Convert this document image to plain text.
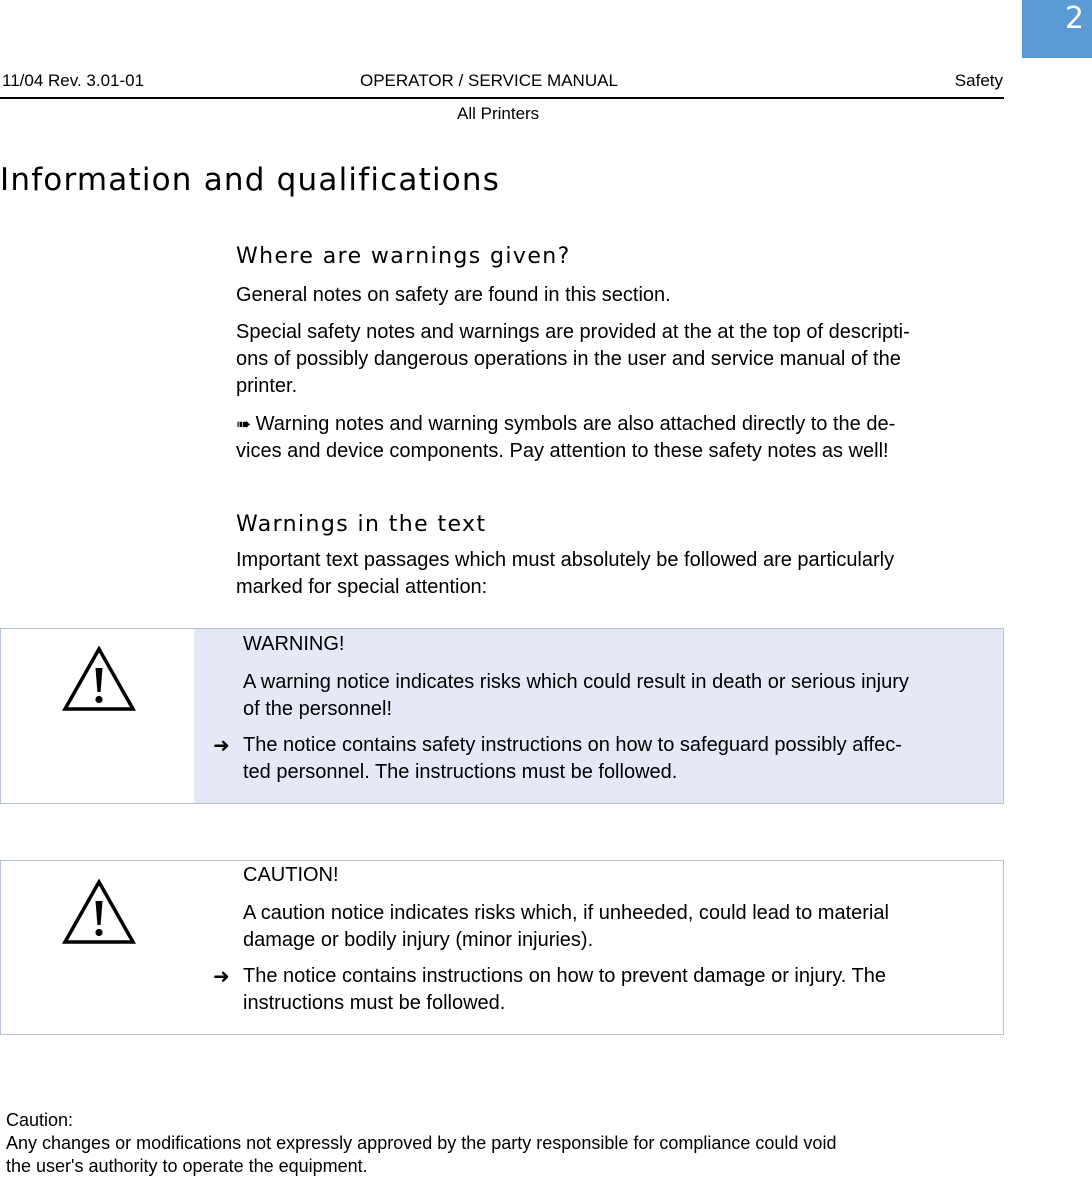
2
11/04 Rev. 3.01-01	OPERATOR / SERVICE MANUAL	Safety
All Printers
Information and qualifications
Where are warnings given?

General notes on safety are found in this section.

Special safety notes and warnings are provided at the at the top of descripti-
ons of possibly dangerous operations in the user and service manual of the
printer.

➠ Warning notes and warning symbols are also attached directly to the de-
vices and device components. Pay attention to these safety notes as well!

Warnings in the text

Important text passages which must absolutely be followed are particularly
marked for special attention:

WARNING!

A warning notice indicates risks which could result in death or serious injury
of the personnel!

➜ The notice contains safety instructions on how to safeguard possibly affec-
ted personnel. The instructions must be followed.

CAUTION!

A caution notice indicates risks which, if unheeded, could lead to material
damage or bodily injury (minor injuries).

➜ The notice contains instructions on how to prevent damage or injury. The
instructions must be followed.

Caution:

Any changes or modifications not expressly approved by the party responsible for compliance could void
the user's authority to operate the equipment.
